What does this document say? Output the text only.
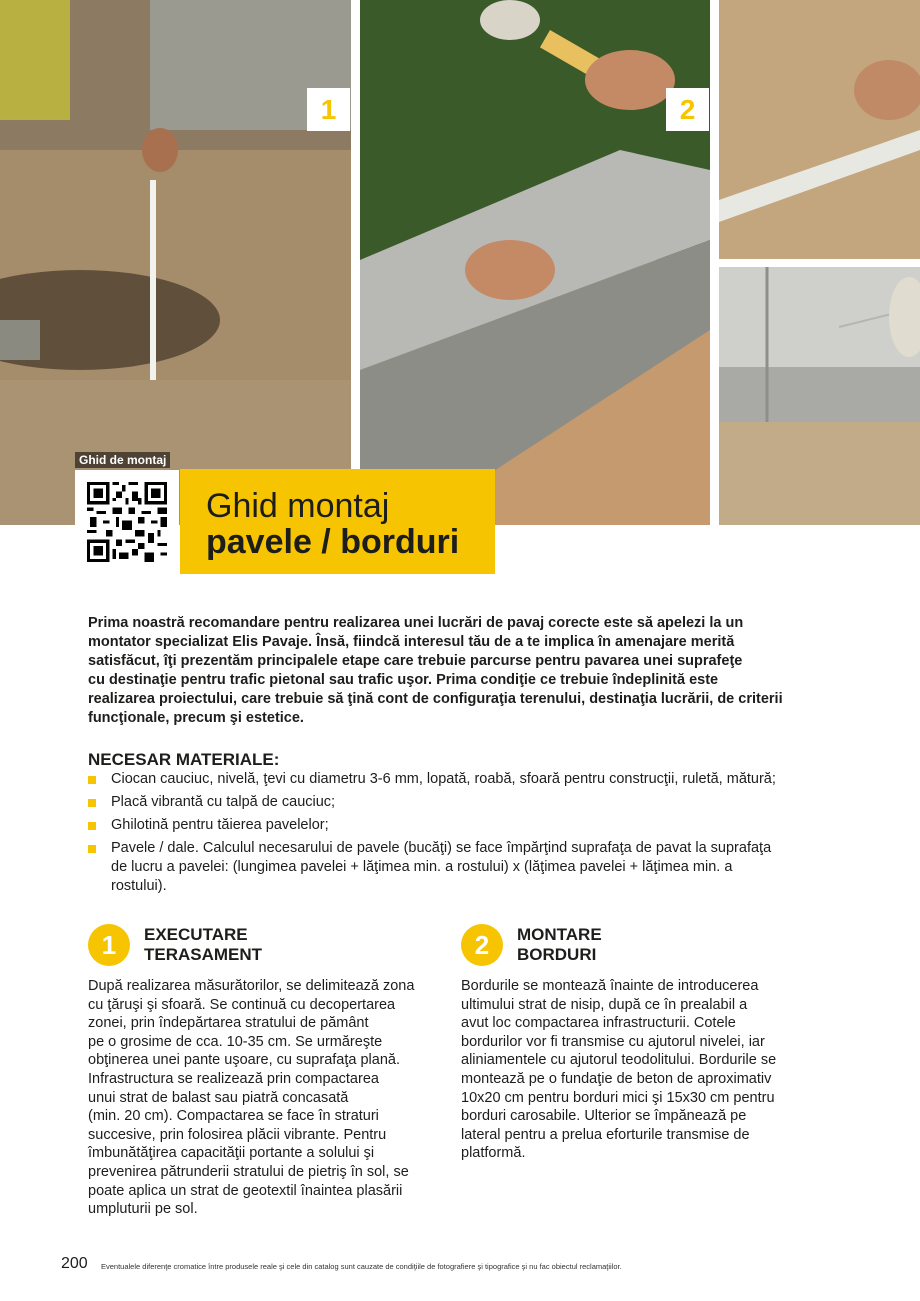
1	2
Ghid de montaj
Ghid montaj
pavele / borduri
Prima noastră recomandare pentru realizarea unei lucrări de pavaj corecte este să apelezi la un
montator specializat Elis Pavaje. Însă, fiindcă interesul tău de a te implica în amenajare merită
satisfăcut, îţi prezentăm principalele etape care trebuie parcurse pentru pavarea unei suprafeţe
cu destinaţie pentru trafic pietonal sau trafic uşor. Prima condiţie ce trebuie îndeplinită este
realizarea proiectului, care trebuie să ţină cont de configuraţia terenului, destinaţia lucrării, de criterii
funcţionale, precum şi estetice.
NECESAR MATERIALE:
Ciocan cauciuc, nivelă, ţevi cu diametru 3-6 mm, lopată, roabă, sfoară pentru construcţii, ruletă, mătură;
Placă vibrantă cu talpă de cauciuc;
Ghilotină pentru tăierea pavelelor;
Pavele / dale. Calculul necesarului de pavele (bucăţi) se face împărţind suprafaţa de pavat la suprafaţa
de lucru a pavelei: (lungimea pavelei + lăţimea min. a rostului) x (lăţimea pavelei + lăţimea min. a
rostului).
1	EXECUTARE
TERASAMENT
După realizarea măsurătorilor, se delimitează zona
cu ţăruşi şi sfoară. Se continuă cu decopertarea
zonei, prin îndepărtarea stratului de pământ
pe o grosime de cca. 10-35 cm. Se urmăreşte
obţinerea unei pante uşoare, cu suprafaţa plană.
Infrastructura se realizează prin compactarea
unui strat de balast sau piatră concasată
(min. 20 cm). Compactarea se face în straturi
succesive, prin folosirea plăcii vibrante. Pentru
îmbunătăţirea capacităţii portante a solului şi
prevenirea pătrunderii stratului de pietriş în sol, se
poate aplica un strat de geotextil înaintea plasării
umpluturii pe sol.
2	MONTARE
BORDURI
Bordurile se montează înainte de introducerea
ultimului strat de nisip, după ce în prealabil a
avut loc compactarea infrastructurii. Cotele
bordurilor vor fi transmise cu ajutorul nivelei, iar
aliniamentele cu ajutorul teodolitului. Bordurile se
montează pe o fundaţie de beton de aproximativ
10x20 cm pentru borduri mici şi 15x30 cm pentru
borduri carosabile. Ulterior se împănează pe
lateral pentru a prelua eforturile transmise de
platformă.
200 Eventualele diferenţe cromatice între produsele reale şi cele din catalog sunt cauzate de condiţiile de fotografiere şi tipografice şi nu fac obiectul reclamaţiilor.
